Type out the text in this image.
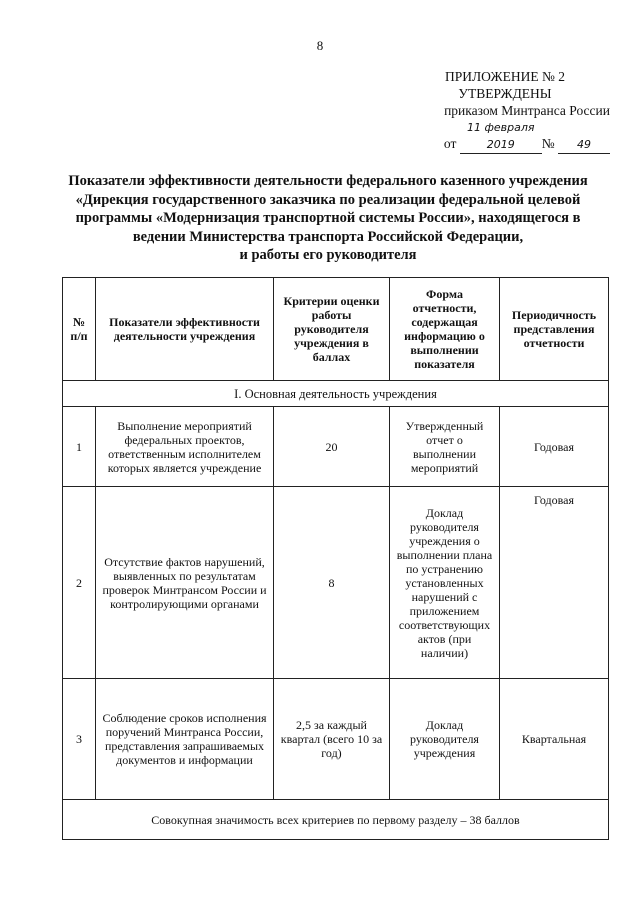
8
ПРИЛОЖЕНИЕ № 2
УТВЕРЖДЕНЫ
приказом Минтранса России
от 11 февраля 2019 № 49
Показатели эффективности деятельности федерального казенного учреждения
«Дирекция государственного заказчика по реализации федеральной целевой
программы «Модернизация транспортной системы России», находящегося в
ведении Министерства транспорта Российской Федерации,
и работы его руководителя
№ п/п	Показатели эффективности деятельности учреждения	Критерии оценки работы руководителя учреждения в баллах	Форма отчетности, содержащая информацию о выполнении показателя	Периодичность представления отчетности
I. Основная деятельность учреждения				
1	Выполнение мероприятий федеральных проектов, ответственным исполнителем которых является учреждение	20	Утвержденный отчет о выполнении мероприятий	Годовая
2	Отсутствие фактов нарушений, выявленных по результатам проверок Минтрансом России и контролирующими органами	8	Доклад руководителя учреждения о выполнении плана по устранению установленных нарушений с приложением соответствующих актов (при наличии)	Годовая
3	Соблюдение сроков исполнения поручений Минтранса России, представления запрашиваемых документов и информации	2,5 за каждый квартал (всего 10 за год)	Доклад руководителя учреждения	Квартальная
Совокупная значимость всех критериев по первому разделу – 38 баллов				
